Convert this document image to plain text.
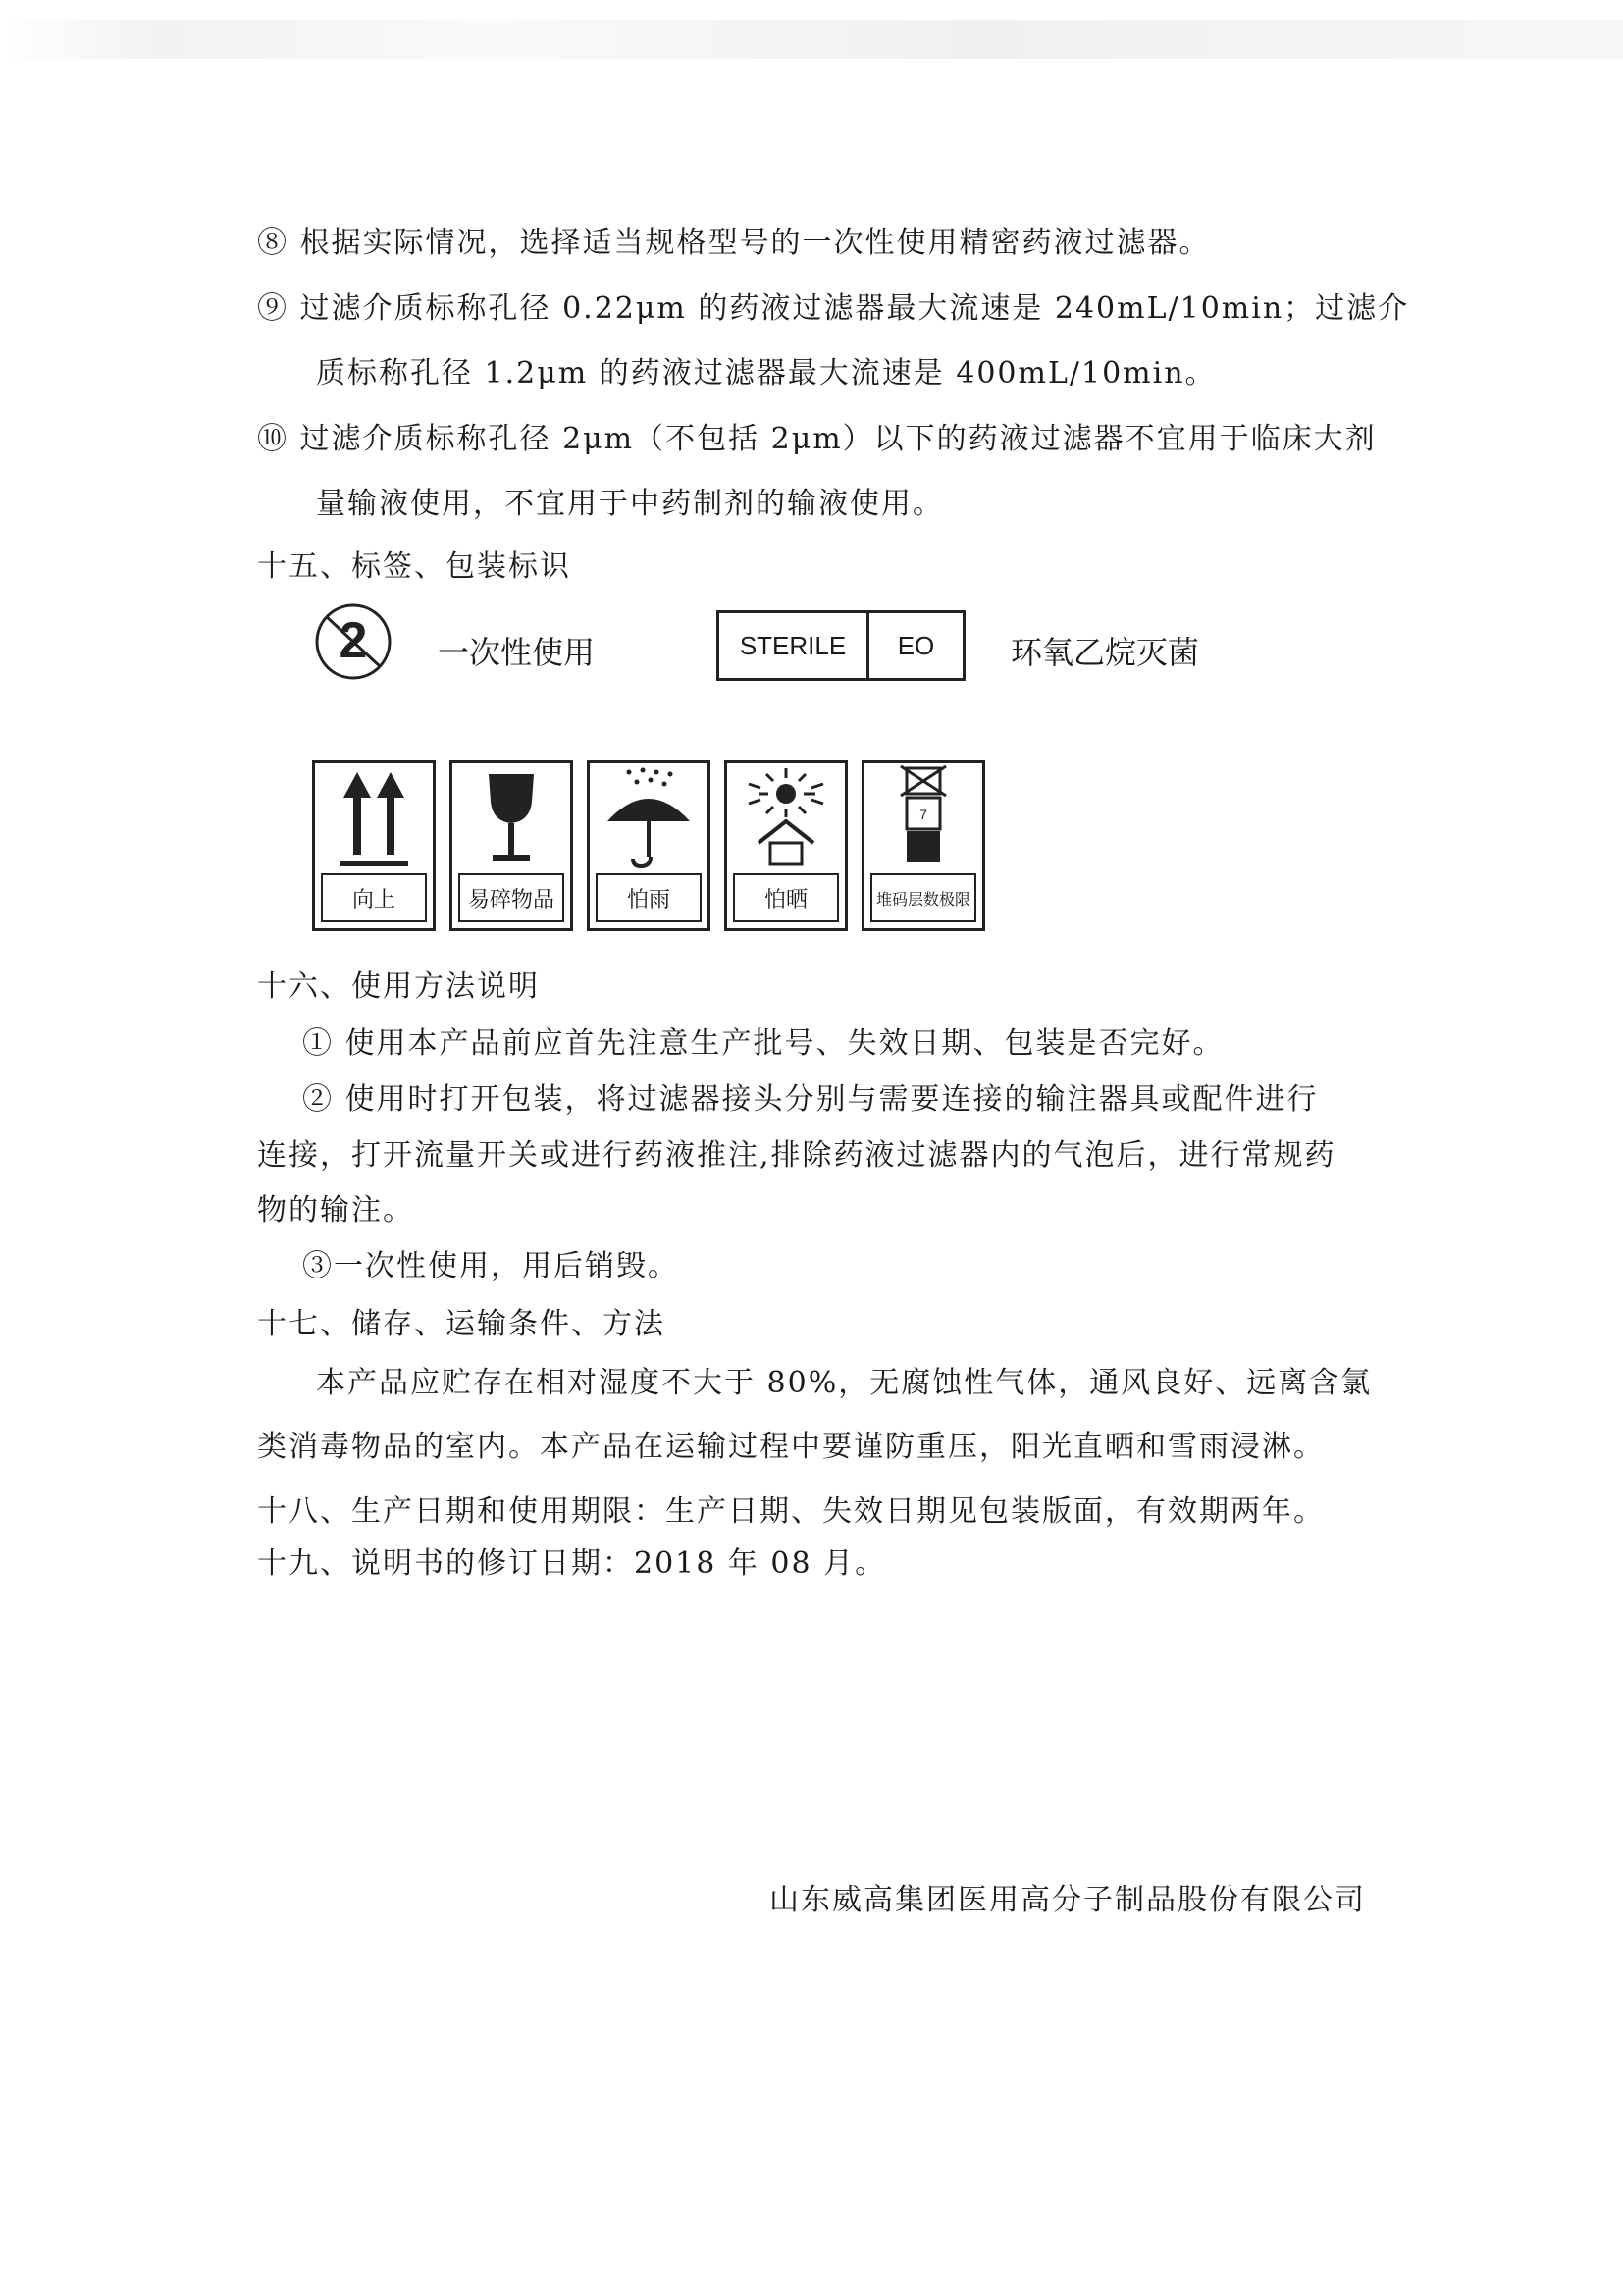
⑧ 根据实际情况，选择适当规格型号的一次性使用精密药液过滤器。
⑨ 过滤介质标称孔径 0.22μm 的药液过滤器最大流速是 240mL/10min；过滤介
质标称孔径 1.2μm 的药液过滤器最大流速是 400mL/10min。
⑩ 过滤介质标称孔径 2μm（不包括 2μm）以下的药液过滤器不宜用于临床大剂
量输液使用，不宜用于中药制剂的输液使用。
十五、标签、包装标识
2 一次性使用	STERILE	EO	环氧乙烷灭菌
向上	易碎物品	怕雨	怕晒
7
堆码层数极限
十六、使用方法说明
① 使用本产品前应首先注意生产批号、失效日期、包装是否完好。
② 使用时打开包装，将过滤器接头分别与需要连接的输注器具或配件进行
连接，打开流量开关或进行药液推注,排除药液过滤器内的气泡后，进行常规药
物的输注。
③一次性使用，用后销毁。
十七、储存、运输条件、方法
本产品应贮存在相对湿度不大于 80%，无腐蚀性气体，通风良好、远离含氯
类消毒物品的室内。本产品在运输过程中要谨防重压，阳光直晒和雪雨浸淋。
十八、生产日期和使用期限：生产日期、失效日期见包装版面，有效期两年。
十九、说明书的修订日期：2018 年 08 月。
山东威高集团医用高分子制品股份有限公司
